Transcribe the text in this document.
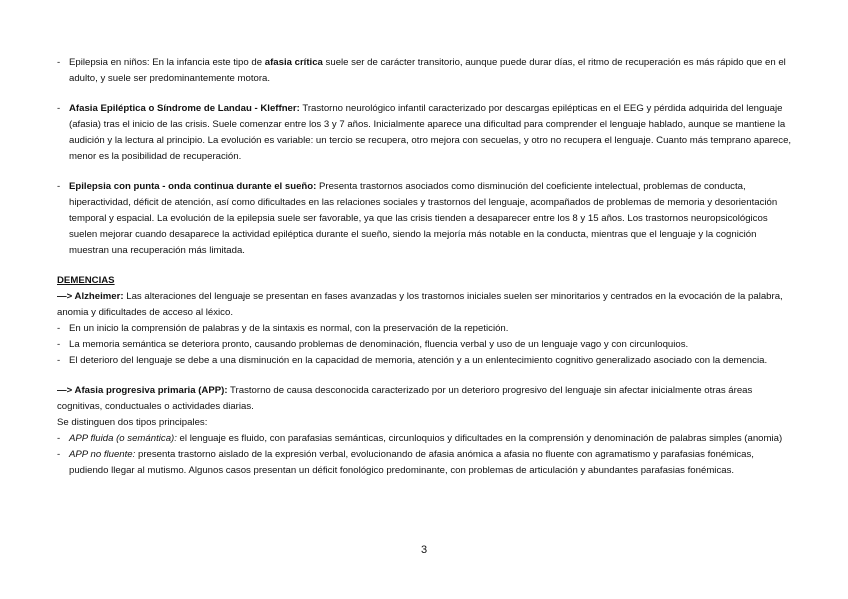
- Epilepsia en niños: En la infancia este tipo de afasia crítica suele ser de carácter transitorio, aunque puede durar días, el ritmo de recuperación es más rápido que en el adulto, y suele ser predominantemente motora.
- Afasia Epiléptica o Síndrome de Landau - Kleffner: Trastorno neurológico infantil caracterizado por descargas epilépticas en el EEG y pérdida adquirida del lenguaje (afasia) tras el inicio de las crisis. Suele comenzar entre los 3 y 7 años. Inicialmente aparece una dificultad para comprender el lenguaje hablado, aunque se mantiene la audición y la lectura al principio. La evolución es variable: un tercio se recupera, otro mejora con secuelas, y otro no recupera el lenguaje. Cuanto más temprano aparece, menor es la posibilidad de recuperación.
- Epilepsia con punta - onda continua durante el sueño: Presenta trastornos asociados como disminución del coeficiente intelectual, problemas de conducta, hiperactividad, déficit de atención, así como dificultades en las relaciones sociales y trastornos del lenguaje, acompañados de problemas de memoria y desorientación temporal y espacial. La evolución de la epilepsia suele ser favorable, ya que las crisis tienden a desaparecer entre los 8 y 15 años. Los trastornos neuropsicológicos suelen mejorar cuando desaparece la actividad epiléptica durante el sueño, siendo la mejoría más notable en la conducta, mientras que el lenguaje y la cognición muestran una recuperación más limitada.
DEMENCIAS
—> Alzheimer: Las alteraciones del lenguaje se presentan en fases avanzadas y los trastornos iniciales suelen ser minoritarios y centrados en la evocación de la palabra, anomia y dificultades de acceso al léxico.
- En un inicio la comprensión de palabras y de la sintaxis es normal, con la preservación de la repetición.
- La memoria semántica se deteriora pronto, causando problemas de denominación, fluencia verbal y uso de un lenguaje vago y con circunloquios.
- El deterioro del lenguaje se debe a una disminución en la capacidad de memoria, atención y a un enlentecimiento cognitivo generalizado asociado con la demencia.
—> Afasia progresiva primaria (APP): Trastorno de causa desconocida caracterizado por un deterioro progresivo del lenguaje sin afectar inicialmente otras áreas cognitivas, conductuales o actividades diarias.
Se distinguen dos tipos principales:
- APP fluida (o semántica): el lenguaje es fluido, con parafasias semánticas, circunloquios y dificultades en la comprensión y denominación de palabras simples (anomia)
- APP no fluente: presenta trastorno aislado de la expresión verbal, evolucionando de afasia anómica a afasia no fluente con agramatismo y parafasias fonémicas, pudiendo llegar al mutismo. Algunos casos presentan un déficit fonológico predominante, con problemas de articulación y abundantes parafasias fonémicas.
3
